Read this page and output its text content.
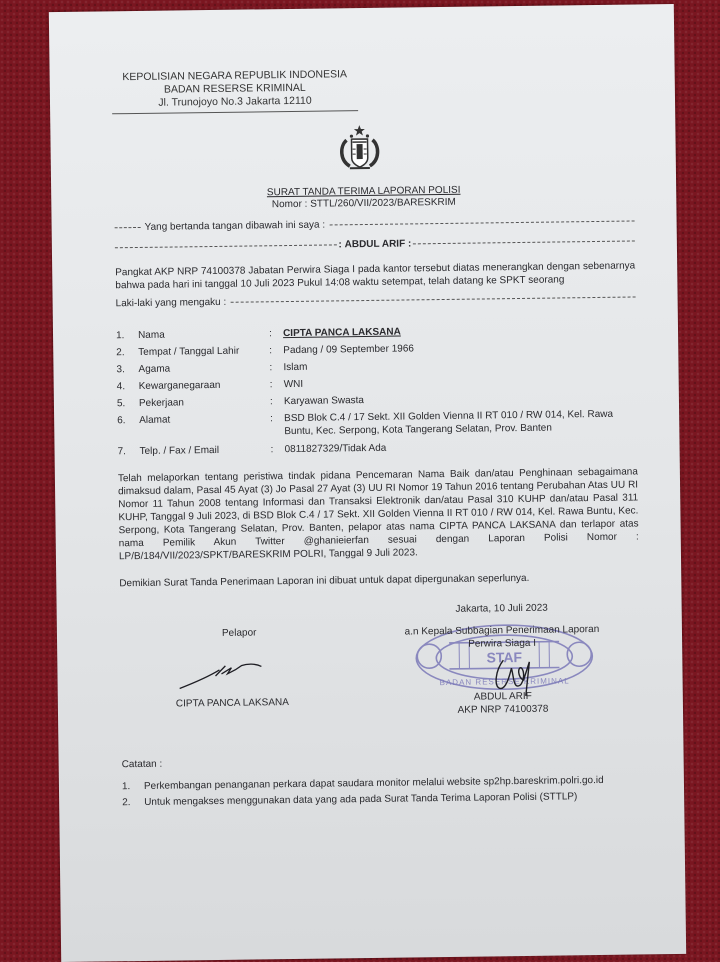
KEPOLISIAN NEGARA REPUBLIK INDONESIA
BADAN RESERSE KRIMINAL
Jl. Trunojoyo No.3 Jakarta 12110
SURAT TANDA TERIMA LAPORAN POLISI
Nomor : STTL/260/VII/2023/BARESKRIM
Yang bertanda tangan dibawah ini saya :
: ABDUL ARIF :
Pangkat AKP NRP 74100378 Jabatan Perwira Siaga I pada kantor tersebut diatas menerangkan dengan sebenarnya bahwa pada hari ini tanggal 10 Juli 2023 Pukul 14:08 waktu setempat, telah datang ke SPKT seorang
Laki-laki yang mengaku :
1.	Nama	:	CIPTA PANCA LAKSANA
2.	Tempat / Tanggal Lahir	:	Padang / 09 September 1966
3.	Agama	:	Islam
4.	Kewarganegaraan	:	WNI
5.	Pekerjaan	:	Karyawan Swasta
6.	Alamat	:	BSD Blok C.4 / 17 Sekt. XII Golden Vienna II RT 010 / RW 014, Kel. Rawa Buntu, Kec. Serpong, Kota Tangerang Selatan, Prov. Banten
7.	Telp. / Fax / Email	:	0811827329/Tidak Ada
Telah melaporkan tentang peristiwa tindak pidana Pencemaran Nama Baik dan/atau Penghinaan sebagaimana dimaksud dalam, Pasal 45 Ayat (3) Jo Pasal 27 Ayat (3) UU RI Nomor 19 Tahun 2016 tentang Perubahan Atas UU RI Nomor 11 Tahun 2008 tentang Informasi dan Transaksi Elektronik dan/atau Pasal 310 KUHP dan/atau Pasal 311 KUHP, Tanggal 9 Juli 2023, di BSD Blok C.4 / 17 Sekt. XII Golden Vienna II RT 010 / RW 014, Kel. Rawa Buntu, Kec. Serpong, Kota Tangerang Selatan, Prov. Banten, pelapor atas nama CIPTA PANCA LAKSANA dan terlapor atas nama Pemilik Akun Twitter @ghanieierfan sesuai dengan Laporan Polisi Nomor : LP/B/184/VII/2023/SPKT/BARESKRIM POLRI, Tanggal 9 Juli 2023.
Demikian Surat Tanda Penerimaan Laporan ini dibuat untuk dapat dipergunakan seperlunya.
Pelapor
CIPTA PANCA LAKSANA
STAF
BADAN RESERSE KRIMINAL
Jakarta, 10 Juli 2023
a.n Kepala Subbagian Penerimaan Laporan
Perwira Siaga I
ABDUL ARIF
AKP NRP 74100378
Catatan :
1.	Perkembangan penanganan perkara dapat saudara monitor melalui website sp2hp.bareskrim.polri.go.id
2.	Untuk mengakses menggunakan data yang ada pada Surat Tanda Terima Laporan Polisi (STTLP)
